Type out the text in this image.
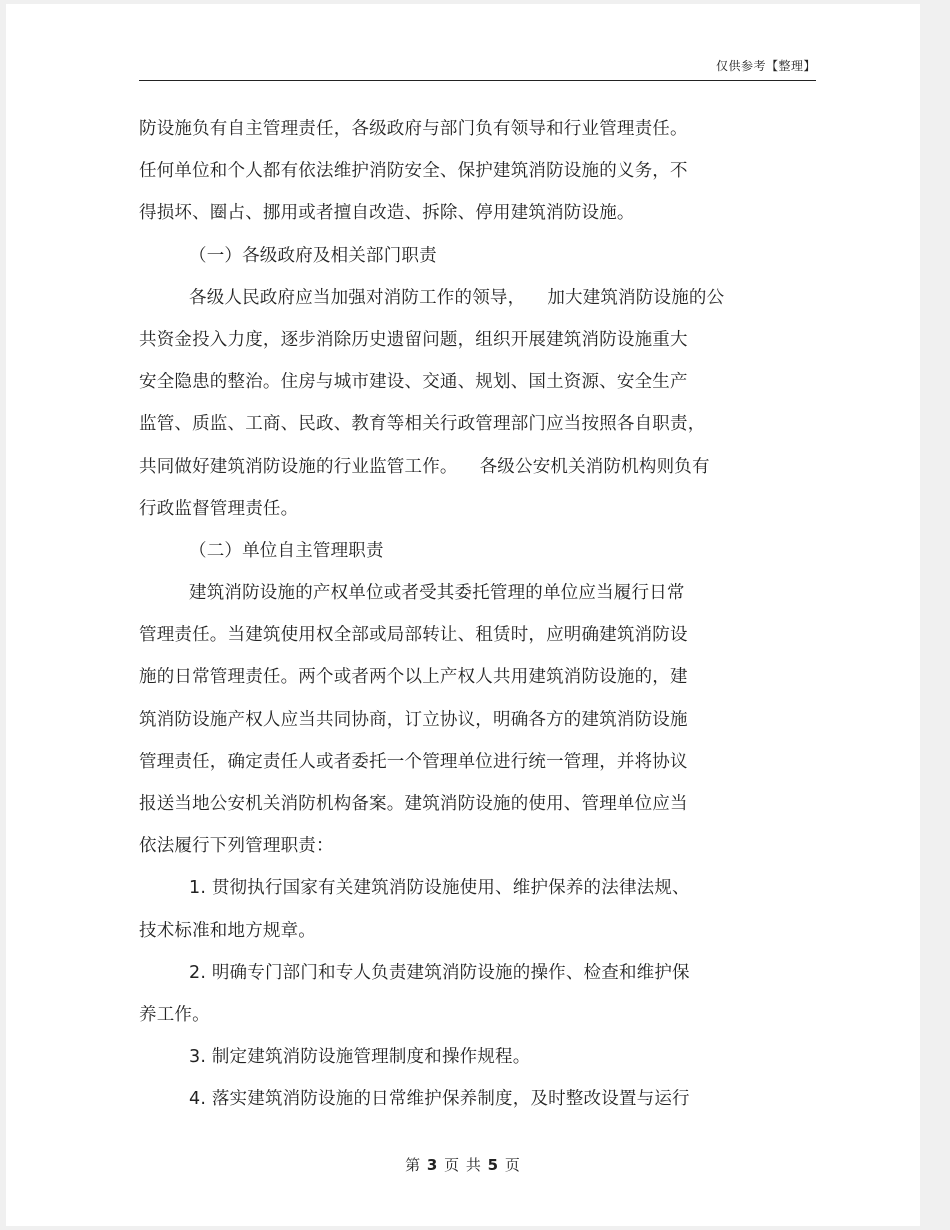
仅供参考【整理】
防设施负有自主管理责任，各级政府与部门负有领导和行业管理责任。
任何单位和个人都有依法维护消防安全、保护建筑消防设施的义务，不
得损坏、圈占、挪用或者擅自改造、拆除、停用建筑消防设施。
（一）各级政府及相关部门职责
各级人民政府应当加强对消防工作的领导， 加大建筑消防设施的公
共资金投入力度，逐步消除历史遗留问题，组织开展建筑消防设施重大
安全隐患的整治。住房与城市建设、交通、规划、国土资源、安全生产
监管、质监、工商、民政、教育等相关行政管理部门应当按照各自职责，
共同做好建筑消防设施的行业监管工作。 各级公安机关消防机构则负有
行政监督管理责任。
（二）单位自主管理职责
建筑消防设施的产权单位或者受其委托管理的单位应当履行日常
管理责任。当建筑使用权全部或局部转让、租赁时，应明确建筑消防设
施的日常管理责任。两个或者两个以上产权人共用建筑消防设施的，建
筑消防设施产权人应当共同协商，订立协议，明确各方的建筑消防设施
管理责任，确定责任人或者委托一个管理单位进行统一管理，并将协议
报送当地公安机关消防机构备案。建筑消防设施的使用、管理单位应当
依法履行下列管理职责：
1. 贯彻执行国家有关建筑消防设施使用、维护保养的法律法规、
技术标准和地方规章。
2. 明确专门部门和专人负责建筑消防设施的操作、检查和维护保
养工作。
3. 制定建筑消防设施管理制度和操作规程。
4. 落实建筑消防设施的日常维护保养制度，及时整改设置与运行
第 3 页 共 5 页
